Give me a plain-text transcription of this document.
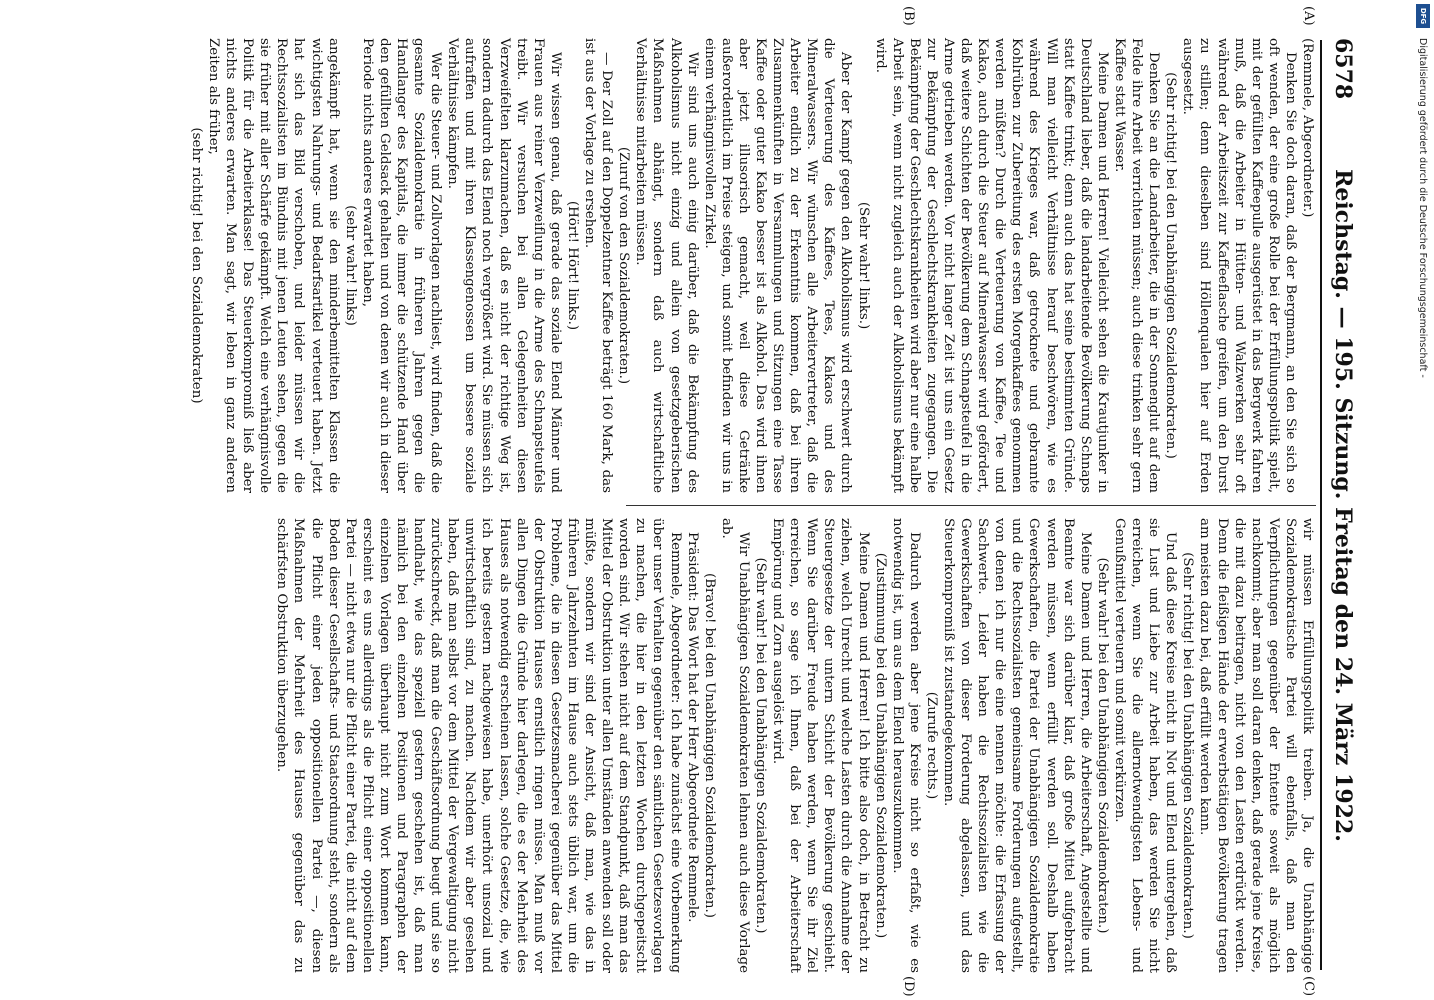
6578
Reichstag. — 195. Sitzung. Freitag den 24. März 1922.
(A)
(B)
(C)
(D)

(Remmele, Abgeordneter.)

Denken Sie doch daran, daß der Bergmann, an den Sie sich so oft wenden, der eine große Rolle bei der Erfüllungspolitik spielt, mit der gefüllten Kaffeepulle ausgerüstet in das Bergwerk fahren muß, daß die Arbeiter in Hütten- und Walzwerken sehr oft während der Arbeitszeit zur Kaffeeflasche greifen, um den Durst zu stillen; denn dieselben sind Höllenqualen hier auf Erden ausgesetzt.

(Sehr richtig! bei den Unabhängigen Sozialdemokraten.)

Denken Sie an die Landarbeiter, die in der Sonnenglut auf dem Felde ihre Arbeit verrichten müssen; auch diese trinken sehr gern Kaffee statt Wasser.

Meine Damen und Herren! Vielleicht sehen die Krautjunker in Deutschland lieber, daß die landarbeitende Bevölkerung Schnaps statt Kaffee trinkt; denn auch das hat seine bestimmten Gründe. Will man vielleicht Verhältnisse herauf beschwören, wie es während des Krieges war, daß getrocknete und gebrannte Kohlrüben zur Zubereitung des ersten Morgenkaffees genommen werden müßten? Durch die Verteuerung von Kaffee, Tee und Kakao, auch durch die Steuer auf Mineralwasser wird gefördert, daß weitere Schichten der Bevölkerung dem Schnapsteufel in die Arme getrieben werden. Vor nicht langer Zeit ist uns ein Gesetz zur Bekämpfung der Geschlechtskrankheiten zugegangen. Die Bekämpfung der Geschlechtskrankheiten wird aber nur eine halbe Arbeit sein, wenn nicht zugleich auch der Alkoholismus bekämpft wird.

(Sehr wahr! links.)

Aber der Kampf gegen den Alkoholismus wird erschwert durch die Verteuerung des Kaffees, Tees, Kakaos und des Mineralwassers. Wir wünschen alle Arbeitervertreter, daß die Arbeiter endlich zu der Erkenntnis kommen, daß bei ihren Zusammenkünften in Versammlungen und Sitzungen eine Tasse Kaffee oder guter Kakao besser ist als Alkohol. Das wird ihnen aber jetzt illusorisch gemacht, weil diese Getränke außerordentlich im Preise steigen, und somit befinden wir uns in einem verhängnisvollen Zirkel.

Wir sind uns auch einig darüber, daß die Bekämpfung des Alkoholismus nicht einzig und allein von gesetzgeberischen Maßnahmen abhängt, sondern daß auch wirtschaftliche Verhältnisse mitarbeiten müssen.

(Zuruf von den Sozialdemokraten.)

— Der Zoll auf den Doppelzentner Kaffee beträgt 160 Mark, das ist aus der Vorlage zu ersehen.

(Hört! Hört! links.)

Wir wissen genau, daß gerade das soziale Elend Männer und Frauen aus reiner Verzweiflung in die Arme des Schnapsteufels treibt. Wir versuchen bei allen Gelegenheiten diesen Verzweifelten klarzumachen, daß es nicht der richtige Weg ist, sondern dadurch das Elend noch vergrößert wird. Sie müssen sich aufraffen und mit ihren Klassengenossen um bessere soziale Verhältnisse kämpfen.

Wer die Steuer- und Zollvorlagen nachliest, wird finden, daß die gesamte Sozialdemokratie in früheren Jahren gegen die Handlanger des Kapitals, die immer die schützende Hand über den gefüllten Geldsack gehalten und von denen wir auch in dieser Periode nichts anderes erwartet haben,

(sehr wahr! links)

angekämpft hat, wenn sie den minderbemittelten Klassen die wichtigsten Nahrungs- und Bedarfsartikel verteuert haben. Jetzt hat sich das Bild verschoben, und leider müssen wir die Rechtssozialisten im Bündnis mit jenen Leuten sehen, gegen die sie früher mit aller Schärfe gekämpft. Welch eine verhängnisvolle Politik für die Arbeiterklasse! Das Steuerkompromiß ließ aber nichts anderes erwarten. Man sagt, wir leben in ganz anderen Zeiten als früher,

(sehr richtig! bei den Sozialdemokraten)

wir müssen Erfüllungspolitik treiben. Ja, die Unabhängige Sozialdemokratische Partei will ebenfalls, daß man den Verpflichtungen gegenüber der Entente soweit als möglich nachkommt; aber man soll daran denken, daß gerade jene Kreise, die mit dazu beitragen, nicht von den Lasten erdrückt werden. Denn die fleißigen Hände der erwerbstätigen Bevölkerung tragen am meisten dazu bei, daß erfüllt werden kann.

(Sehr richtig! bei den Unabhängigen Sozialdemokraten.)

Und daß diese Kreise nicht in Not und Elend untergehen, daß sie Lust und Liebe zur Arbeit haben, das werden Sie nicht erreichen, wenn Sie die allernotwendigsten Lebens- und Genußmittel verteuern und somit verkürzen.

(Sehr wahr! bei den Unabhängigen Sozialdemokraten.)

Meine Damen und Herren, die Arbeiterschaft, Angestellte und Beamte war sich darüber klar, daß große Mittel aufgebracht werden müssen, wenn erfüllt werden soll. Deshalb haben Gewerkschaften, die Partei der Unabhängigen Sozialdemokratie und die Rechtssozialisten gemeinsame Forderungen aufgestellt, von denen ich nur die eine nennen möchte: die Erfassung der Sachwerte. Leider haben die Rechtssozialisten wie die Gewerkschaften von dieser Forderung abgelassen, und das Steuerkompromiß ist zustandegekommen.

(Zurufe rechts.)

Dadurch werden aber jene Kreise nicht so erfaßt, wie es notwendig ist, um aus dem Elend herauszukommen.

(Zustimmung bei den Unabhängigen Sozialdemokraten.)

Meine Damen und Herren! Ich bitte also doch, in Betracht zu ziehen, welch Unrecht und welche Lasten durch die Annahme der Steuergesetze der untern Schicht der Bevölkerung geschieht. Wenn Sie darüber Freude haben werden, wenn Sie ihr Ziel erreichen, so sage ich Ihnen, daß bei der Arbeiterschaft Empörung und Zorn ausgelöst wird.

(Sehr wahr! bei den Unabhängigen Sozialdemokraten.)

Wir Unabhängigen Sozialdemokraten lehnen auch diese Vorlage ab.

(Bravo! bei den Unabhängigen Sozialdemokraten.)

Präsident: Das Wort hat der Herr Abgeordnete Remmele.

Remmele, Abgeordneter: Ich habe zunächst eine Vorbemerkung über unser Verhalten gegenüber den sämtlichen Gesetzesvorlagen zu machen, die hier in den letzten Wochen durchgepeitscht worden sind. Wir stehen nicht auf dem Standpunkt, daß man das Mittel der Obstruktion unter allen Umständen anwenden soll oder müßte, sondern wir sind der Ansicht, daß man, wie das in früheren Jahrzehnten im Hause auch stets üblich war, um die Probleme, die in diesen Gesetzesmacherei gegenüber das Mittel der Obstruktion Hauses ernstlich ringen müsse. Man muß vor allen Dingen die Gründe hier darlegen, die es der Mehrheit des Hauses als notwendig erscheinen lassen, solche Gesetze, die, wie ich bereits gestern nachgewiesen habe, unerhört unsozial und unwirtschaftlich sind, zu machen. Nachdem wir aber gesehen haben, daß man selbst vor dem Mittel der Vergewaltigung nicht zurückschreckt, daß man die Geschäftsordnung beugt und sie so handhabt, wie das speziell gestern geschehen ist, daß man nämlich bei den einzelnen Positionen und Paragraphen der einzelnen Vorlagen überhaupt nicht zum Wort kommen kann, erscheint es uns allerdings als die Pflicht einer oppositionellen Partei — nicht etwa nur die Pflicht einer Partei, die nicht auf dem Boden dieser Gesellschafts- und Staatsordnung steht, sondern als die Pflicht einer jeden oppositionellen Partei —, diesen Maßnahmen der Mehrheit des Hauses gegenüber das zu schärfsten Obstruktion überzugehen.

DFG
Digitalisierung gefördert durch die Deutsche Forschungsgemeinschaft -
